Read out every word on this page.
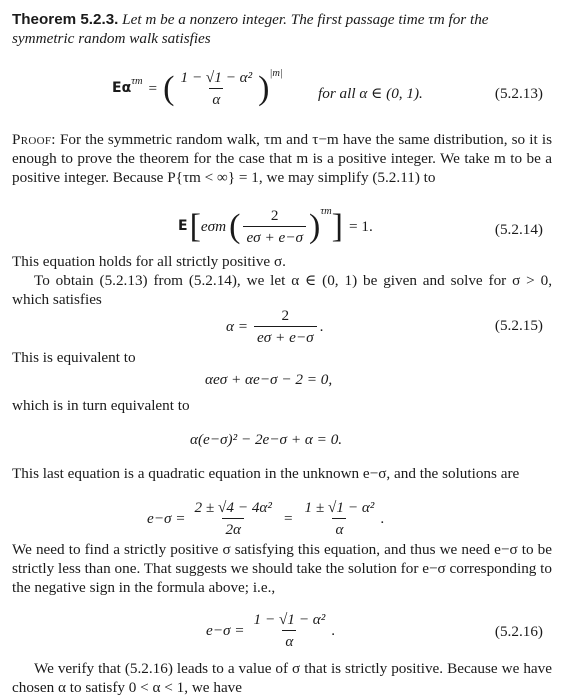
Theorem 5.2.3. Let m be a nonzero integer. The first passage time τm for the symmetric random walk satisfies

Eα τm = ( $\frac{\text{1 − √1 − α²}}{\alpha}$ ) |m|
for all α ∈ (0, 1).	(5.2.13)

Proof: For the symmetric random walk, τm and τ−m have the same distribution, so it is enough to prove the theorem for the case that m is a positive integer. We take m to be a positive integer. Because P{τm < ∞} = 1, we may simplify (5.2.11) to

E [ eσm ( $\frac{2}{e\sigma + e-\sigma}$ ) τm ] = 1.	(5.2.14)

This equation holds for all strictly positive σ.

To obtain (5.2.13) from (5.2.14), we let α ∈ (0, 1) be given and solve for σ > 0, which satisfies

$\alpha = \frac{2}{e\sigma + e-\sigma}$ .	(5.2.15)

This is equivalent to

αeσ + αe−σ − 2 = 0,

which is in turn equivalent to

α(e−σ)² − 2e−σ + α = 0.

This last equation is a quadratic equation in the unknown e−σ, and the solutions are

$e-\sigma = \frac{\text{2 ± √4 − 4α²}}{2\alpha} = \frac{\text{1 ± √1 − α²}}{\alpha}$ .

We need to find a strictly positive σ satisfying this equation, and thus we need e−σ to be strictly less than one. That suggests we should take the solution for e−σ corresponding to the negative sign in the formula above; i.e.,

$e-\sigma = \frac{\text{1 − √1 − α²}}{\alpha}$ .	(5.2.16)

We verify that (5.2.16) leads to a value of σ that is strictly positive. Because we have chosen α to satisfy 0 < α < 1, we have
